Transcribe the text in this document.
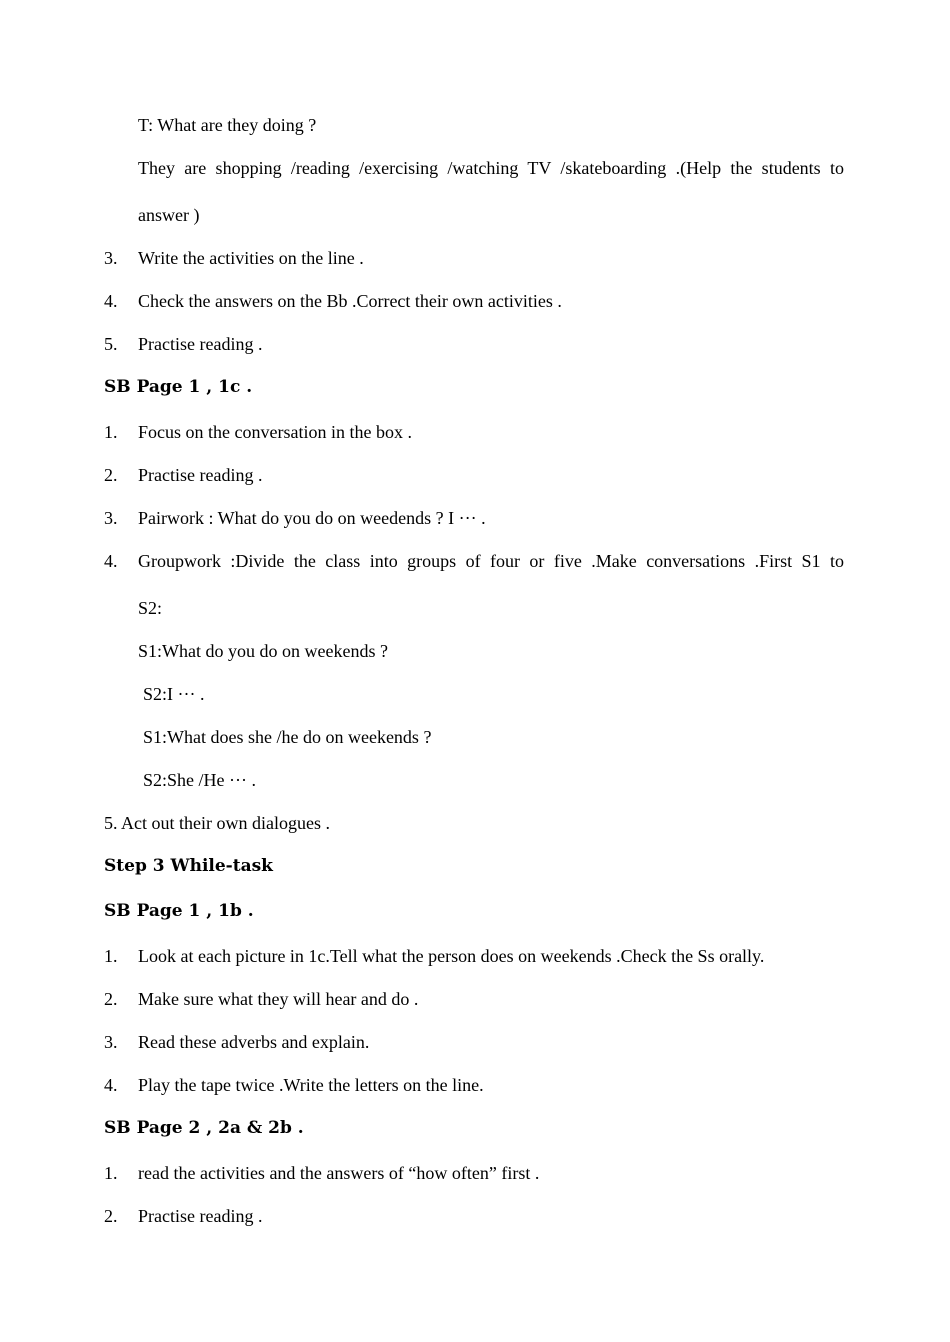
T: What are they doing ?
They are shopping /reading /exercising /watching TV /skateboarding .(Help the students to
answer )
3. Write the activities on the line .
4. Check the answers on the Bb .Correct their own activities .
5. Practise reading .
SB Page 1 , 1c .
1. Focus on the conversation in the box .
2. Practise reading .
3. Pairwork : What do you do on weedends ? I ··· .
4. Groupwork :Divide the class into groups of four or five .Make conversations .First S1 to
S2:
S1:What do you do on weekends ?
S2:I ··· .
S1:What does she /he do on weekends ?
S2:She /He ··· .
5. Act out their own dialogues .
Step 3 While-task
SB Page 1 , 1b .
1. Look at each picture in 1c.Tell what the person does on weekends .Check the Ss orally.
2. Make sure what they will hear and do .
3. Read these adverbs and explain.
4. Play the tape twice .Write the letters on the line.
SB Page 2 , 2a & 2b .
1. read the activities and the answers of “how often” first .
2. Practise reading .
